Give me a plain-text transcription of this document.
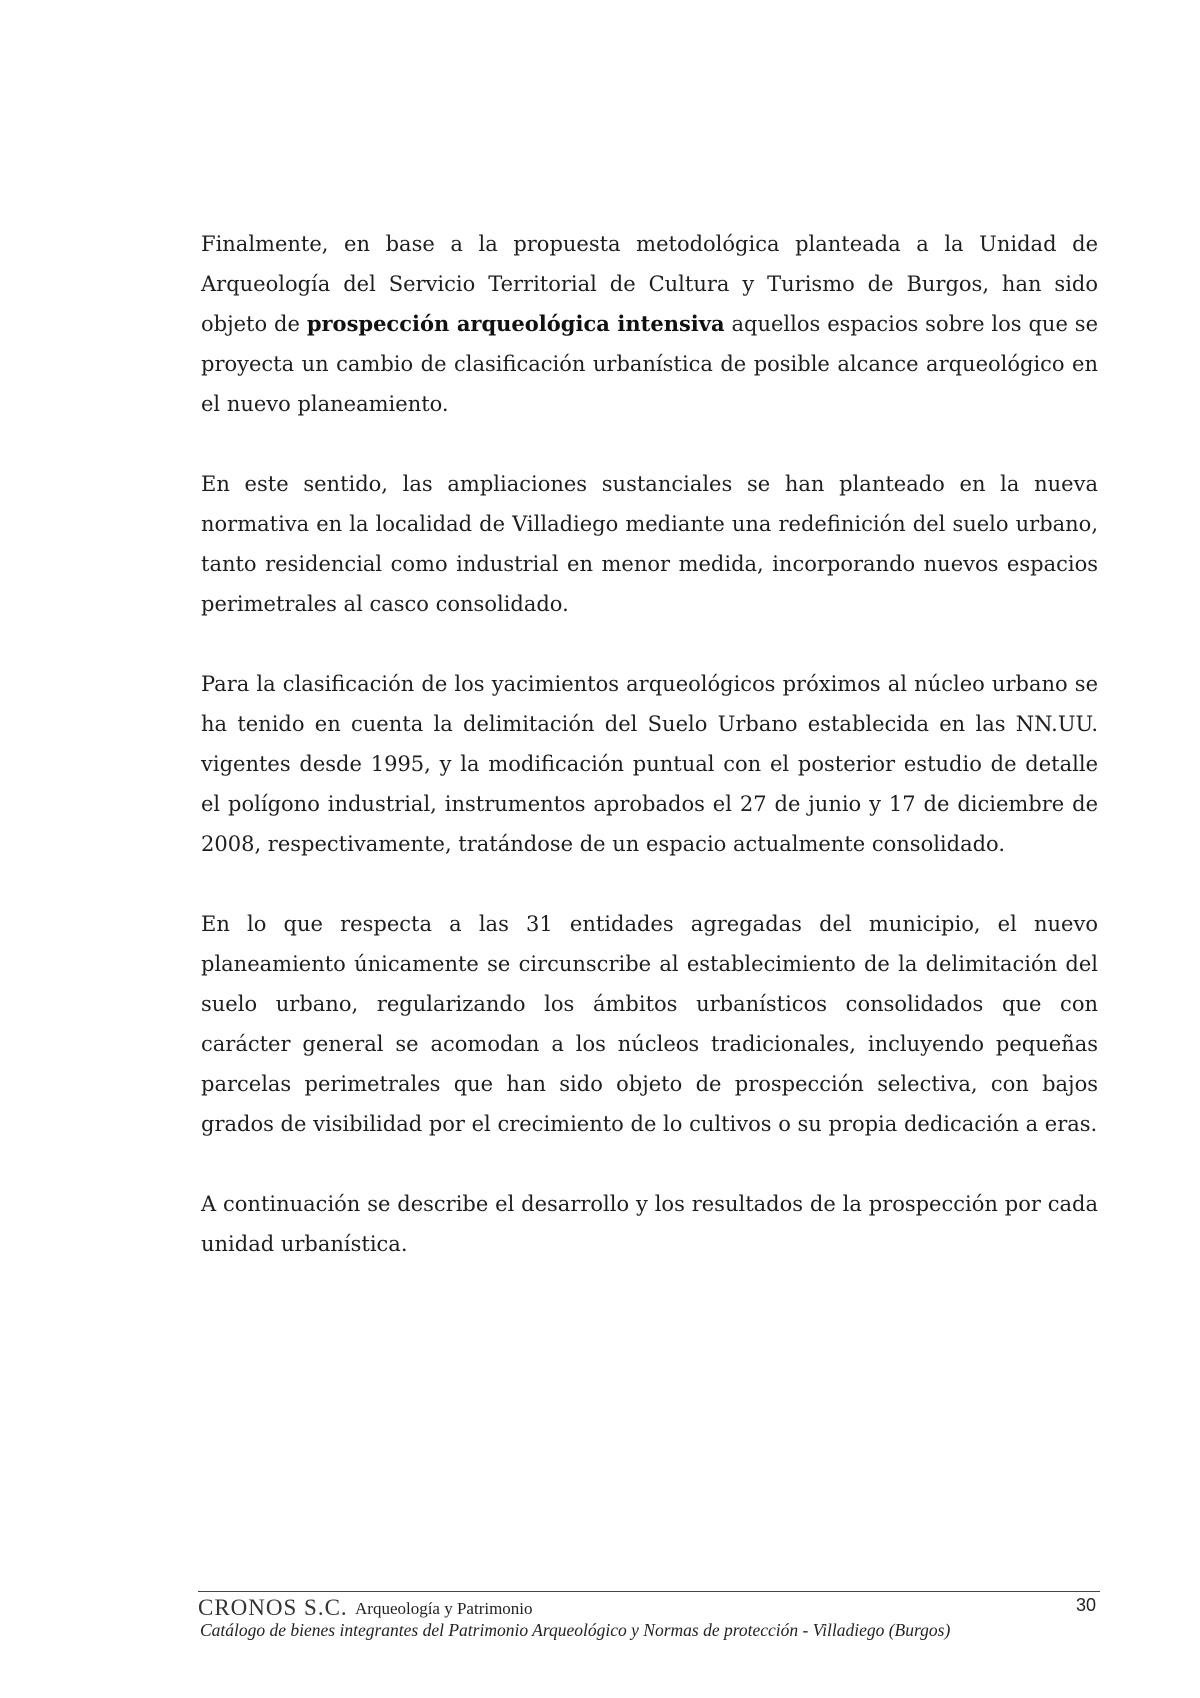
Finalmente, en base a la propuesta metodológica planteada a la Unidad de Arqueología del Servicio Territorial de Cultura y Turismo de Burgos, han sido objeto de prospección arqueológica intensiva aquellos espacios sobre los que se proyecta un cambio de clasificación urbanística de posible alcance arqueológico en el nuevo planeamiento.

En este sentido, las ampliaciones sustanciales se han planteado en la nueva normativa en la localidad de Villadiego mediante una redefinición del suelo urbano, tanto residencial como industrial en menor medida, incorporando nuevos espacios perimetrales al casco consolidado.

Para la clasificación de los yacimientos arqueológicos próximos al núcleo urbano se ha tenido en cuenta la delimitación del Suelo Urbano establecida en las NN.UU. vigentes desde 1995, y la modificación puntual con el posterior estudio de detalle el polígono industrial, instrumentos aprobados el 27 de junio y 17 de diciembre de 2008, respectivamente, tratándose de un espacio actualmente consolidado.

En lo que respecta a las 31 entidades agregadas del municipio, el nuevo planeamiento únicamente se circunscribe al establecimiento de la delimitación del suelo urbano, regularizando los ámbitos urbanísticos consolidados que con carácter general se acomodan a los núcleos tradicionales, incluyendo pequeñas parcelas perimetrales que han sido objeto de prospección selectiva, con bajos grados de visibilidad por el crecimiento de lo cultivos o su propia dedicación a eras.

A continuación se describe el desarrollo y los resultados de la prospección por cada unidad urbanística.

CRONOS S.C. Arqueología y Patrimonio	30
Catálogo de bienes integrantes del Patrimonio Arqueológico y Normas de protección - Villadiego (Burgos)
